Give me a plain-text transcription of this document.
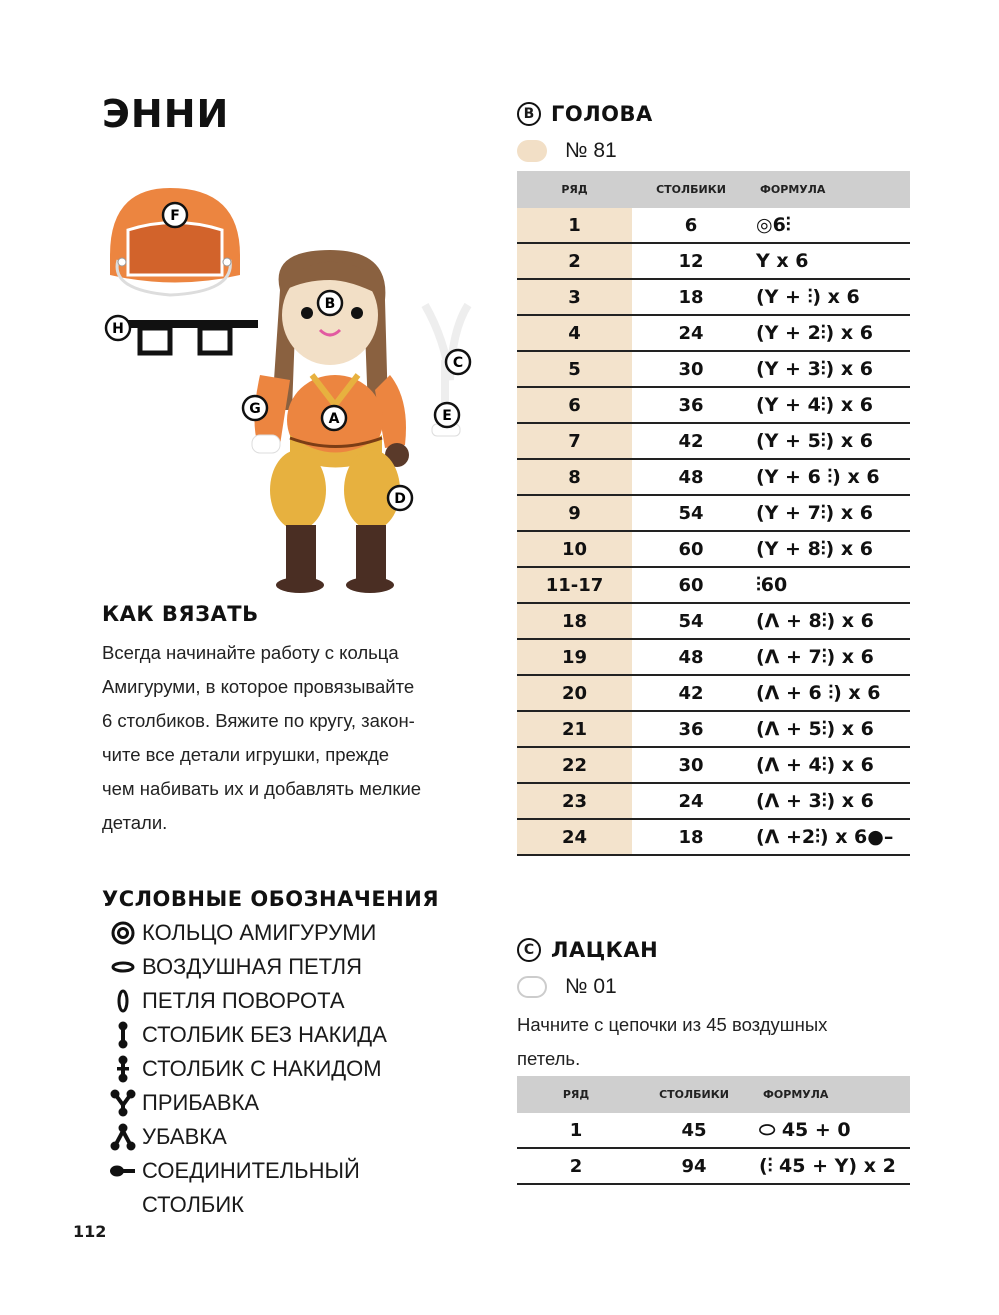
ЭННИ
F
H
B
C
G
A	E
D
КАК ВЯЗАТЬ
Всегда начинайте работу с кольца
Амигуруми, в которое провязывайте
6 столбиков. Вяжите по кругу, закон-
чите все детали игрушки, прежде
чем набивать их и добавлять мелкие
детали.
УСЛОВНЫЕ ОБОЗНАЧЕНИЯ
КОЛЬЦО АМИГУРУМИ
ВОЗДУШНАЯ ПЕТЛЯ
ПЕТЛЯ ПОВОРОТА
СТОЛБИК БЕЗ НАКИДА
СТОЛБИК С НАКИДОМ
ПРИБАВКА
УБАВКА
СОЕДИНИТЕЛЬНЫЙ
СТОЛБИК
112
B ГОЛОВА
№ 81
РЯД	СТОЛБИКИ	ФОРМУЛА
1	6	◎6⫶
2	12	Y x 6
3	18	(Y + ⫶) x 6
4	24	(Y + 2⫶) x 6
5	30	(Y + 3⫶) x 6
6	36	(Y + 4⫶) x 6
7	42	(Y + 5⫶) x 6
8	48	(Y + 6 ⫶) x 6
9	54	(Y + 7⫶) x 6
10	60	(Y + 8⫶) x 6
11-17	60	⫶60
18	54	(Λ + 8⫶) x 6
19	48	(Λ + 7⫶) x 6
20	42	(Λ + 6 ⫶) x 6
21	36	(Λ + 5⫶) x 6
22	30	(Λ + 4⫶) x 6
23	24	(Λ + 3⫶) x 6
24	18	(Λ +2⫶) x 6●–
C ЛАЦКАН
№ 01
Начните с цепочки из 45 воздушных
петель.
РЯД	СТОЛБИКИ	ФОРМУЛА
1	45	⬭ 45 + 0
2	94	(⫶ 45 + Y) x 2
